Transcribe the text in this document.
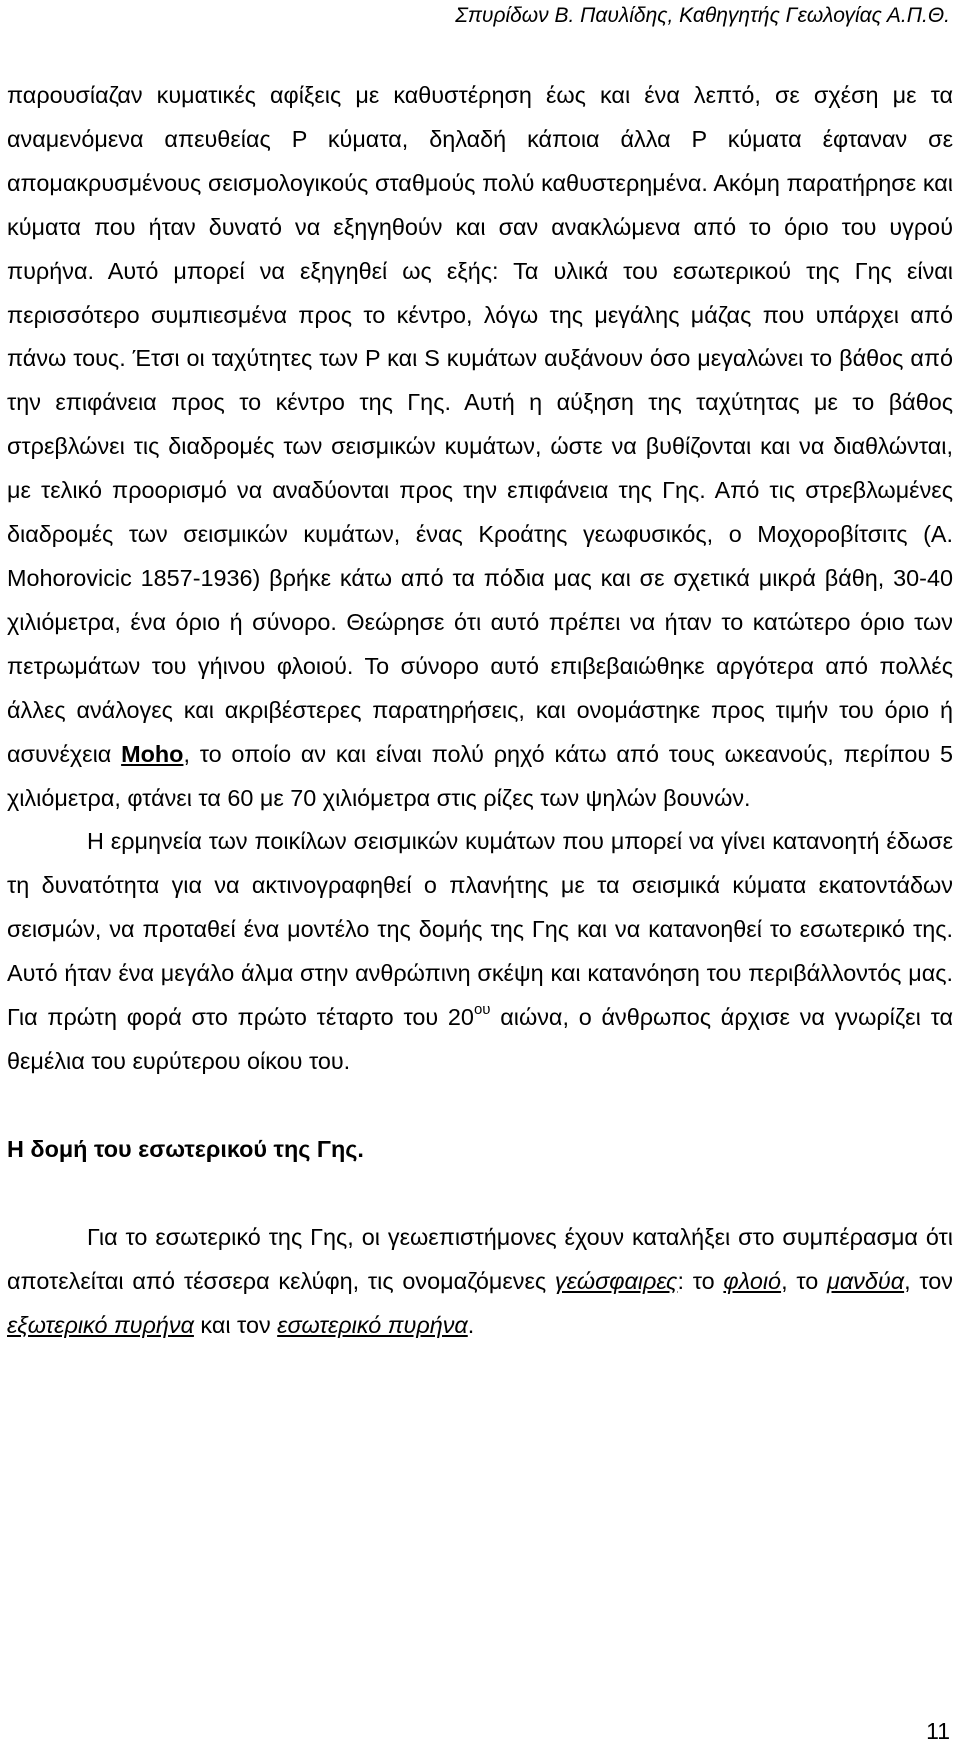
Σπυρίδων Β. Παυλίδης, Καθηγητής Γεωλογίας Α.Π.Θ.

παρουσίαζαν κυματικές αφίξεις με καθυστέρηση έως και ένα λεπτό, σε σχέση με τα αναμενόμενα απευθείας P κύματα, δηλαδή κάποια άλλα P κύματα έφταναν σε απομακρυσμένους σεισμολογικούς σταθμούς πολύ καθυστερημένα. Ακόμη παρατήρησε και κύματα που ήταν δυνατό να εξηγηθούν και σαν ανακλώμενα από το όριο του υγρού πυρήνα. Αυτό μπορεί να εξηγηθεί ως εξής: Τα υλικά του εσωτερικού της Γης είναι περισσότερο συμπιεσμένα προς το κέντρο, λόγω της μεγάλης μάζας που υπάρχει από πάνω τους. Έτσι οι ταχύτητες των P και S κυμάτων αυξάνουν όσο μεγαλώνει το βάθος από την επιφάνεια προς το κέντρο της Γης. Αυτή η αύξηση της ταχύτητας με το βάθος στρεβλώνει τις διαδρομές των σεισμικών κυμάτων, ώστε να βυθίζονται και να διαθλώνται, με τελικό προορισμό να αναδύονται προς την επιφάνεια της Γης. Από τις στρεβλωμένες διαδρομές των σεισμικών κυμάτων, ένας Κροάτης γεωφυσικός, ο Μοχοροβίτσιτς (A. Mohorovicic 1857-1936) βρήκε κάτω από τα πόδια μας και σε σχετικά μικρά βάθη, 30-40 χιλιόμετρα, ένα όριο ή σύνορο. Θεώρησε ότι αυτό πρέπει να ήταν το κατώτερο όριο των πετρωμάτων του γήινου φλοιού. Το σύνορο αυτό επιβεβαιώθηκε αργότερα από πολλές άλλες ανάλογες και ακριβέστερες παρατηρήσεις, και ονομάστηκε προς τιμήν του όριο ή ασυνέχεια Moho, το οποίο αν και είναι πολύ ρηχό κάτω από τους ωκεανούς, περίπου 5 χιλιόμετρα, φτάνει τα 60 με 70 χιλιόμετρα στις ρίζες των ψηλών βουνών.

Η ερμηνεία των ποικίλων σεισμικών κυμάτων που μπορεί να γίνει κατανοητή έδωσε τη δυνατότητα για να ακτινογραφηθεί ο πλανήτης με τα σεισμικά κύματα εκατοντάδων σεισμών, να προταθεί ένα μοντέλο της δομής της Γης και να κατανοηθεί το εσωτερικό της. Αυτό ήταν ένα μεγάλο άλμα στην ανθρώπινη σκέψη και κατανόηση του περιβάλλοντός μας. Για πρώτη φορά στο πρώτο τέταρτο του $20^{o\upsilon}$ αιώνα, ο άνθρωπος άρχισε να γνωρίζει τα θεμέλια του ευρύτερου οίκου του.

Η δομή του εσωτερικού της Γης.

Για το εσωτερικό της Γης, οι γεωεπιστήμονες έχουν καταλήξει στο συμπέρασμα ότι αποτελείται από τέσσερα κελύφη, τις ονομαζόμενες γεώσφαιρες: το φλοιό, το μανδύα, τον εξωτερικό πυρήνα και τον εσωτερικό πυρήνα.

11
